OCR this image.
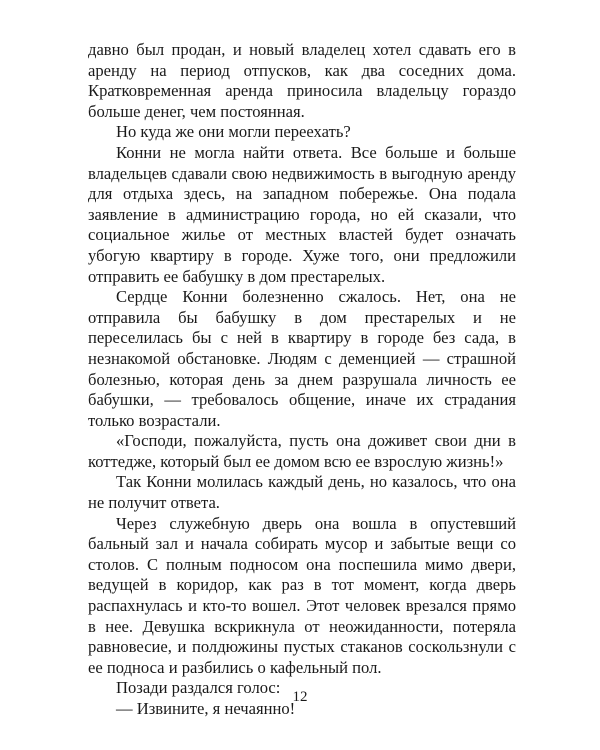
давно был продан, и новый владелец хотел сдавать его в аренду на период отпусков, как два соседних дома. Кратковременная аренда приносила владельцу гораздо больше денег, чем постоянная.

Но куда же они могли переехать?

Конни не могла найти ответа. Все больше и больше владельцев сдавали свою недвижимость в выгодную аренду для отдыха здесь, на западном побережье. Она подала заявление в администрацию города, но ей сказали, что социальное жилье от местных властей будет означать убогую квартиру в городе. Хуже того, они предложили отправить ее бабушку в дом престарелых.

Сердце Конни болезненно сжалось. Нет, она не отправила бы бабушку в дом престарелых и не переселилась бы с ней в квартиру в городе без сада, в незнакомой обстановке. Людям с деменцией — страшной болезнью, которая день за днем разрушала личность ее бабушки, — требовалось общение, иначе их страдания только возрастали.

«Господи, пожалуйста, пусть она доживет свои дни в коттедже, который был ее домом всю ее взрослую жизнь!»

Так Конни молилась каждый день, но казалось, что она не получит ответа.

Через служебную дверь она вошла в опустевший бальный зал и начала собирать мусор и забытые вещи со столов. С полным подносом она поспешила мимо двери, ведущей в коридор, как раз в тот момент, когда дверь распахнулась и кто-то вошел. Этот человек врезался прямо в нее. Девушка вскрикнула от неожиданности, потеряла равновесие, и полдюжины пустых стаканов соскользнули с ее подноса и разбились о кафельный пол.

Позади раздался голос:

— Извините, я нечаянно!

12
